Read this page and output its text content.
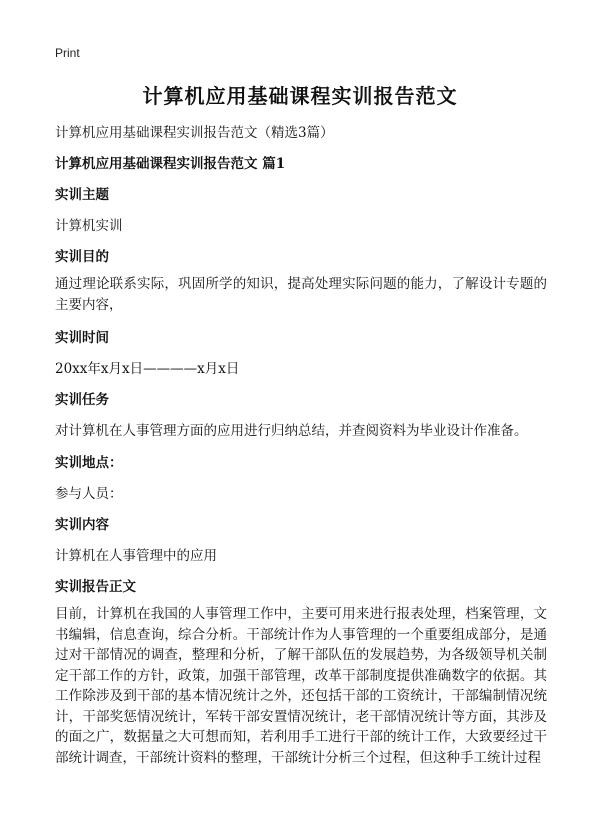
Print
计算机应用基础课程实训报告范文
计算机应用基础课程实训报告范文（精选3篇）
计算机应用基础课程实训报告范文 篇1
实训主题
计算机实训
实训目的
通过理论联系实际，巩固所学的知识，提高处理实际问题的能力，了解设计专题的主要内容，
实训时间
20xx年x月x日————x月x日
实训任务
对计算机在人事管理方面的应用进行归纳总结，并查阅资料为毕业设计作准备。
实训地点：
参与人员：
实训内容
计算机在人事管理中的应用
实训报告正文
目前，计算机在我国的人事管理工作中，主要可用来进行报表处理，档案管理，文书编辑，信息查询，综合分析。干部统计作为人事管理的一个重要组成部分，是通过对干部情况的调查，整理和分析，了解干部队伍的发展趋势，为各级领导机关制定干部工作的方针，政策，加强干部管理，改革干部制度提供准确数字的依据。其工作除涉及到干部的基本情况统计之外，还包括干部的工资统计，干部编制情况统计，干部奖惩情况统计，军转干部安置情况统计，老干部情况统计等方面，其涉及的面之广，数据量之大可想而知，若利用手工进行干部的统计工作，大致要经过干部统计调查，干部统计资料的整理，干部统计分析三个过程，但这种手工统计过程
